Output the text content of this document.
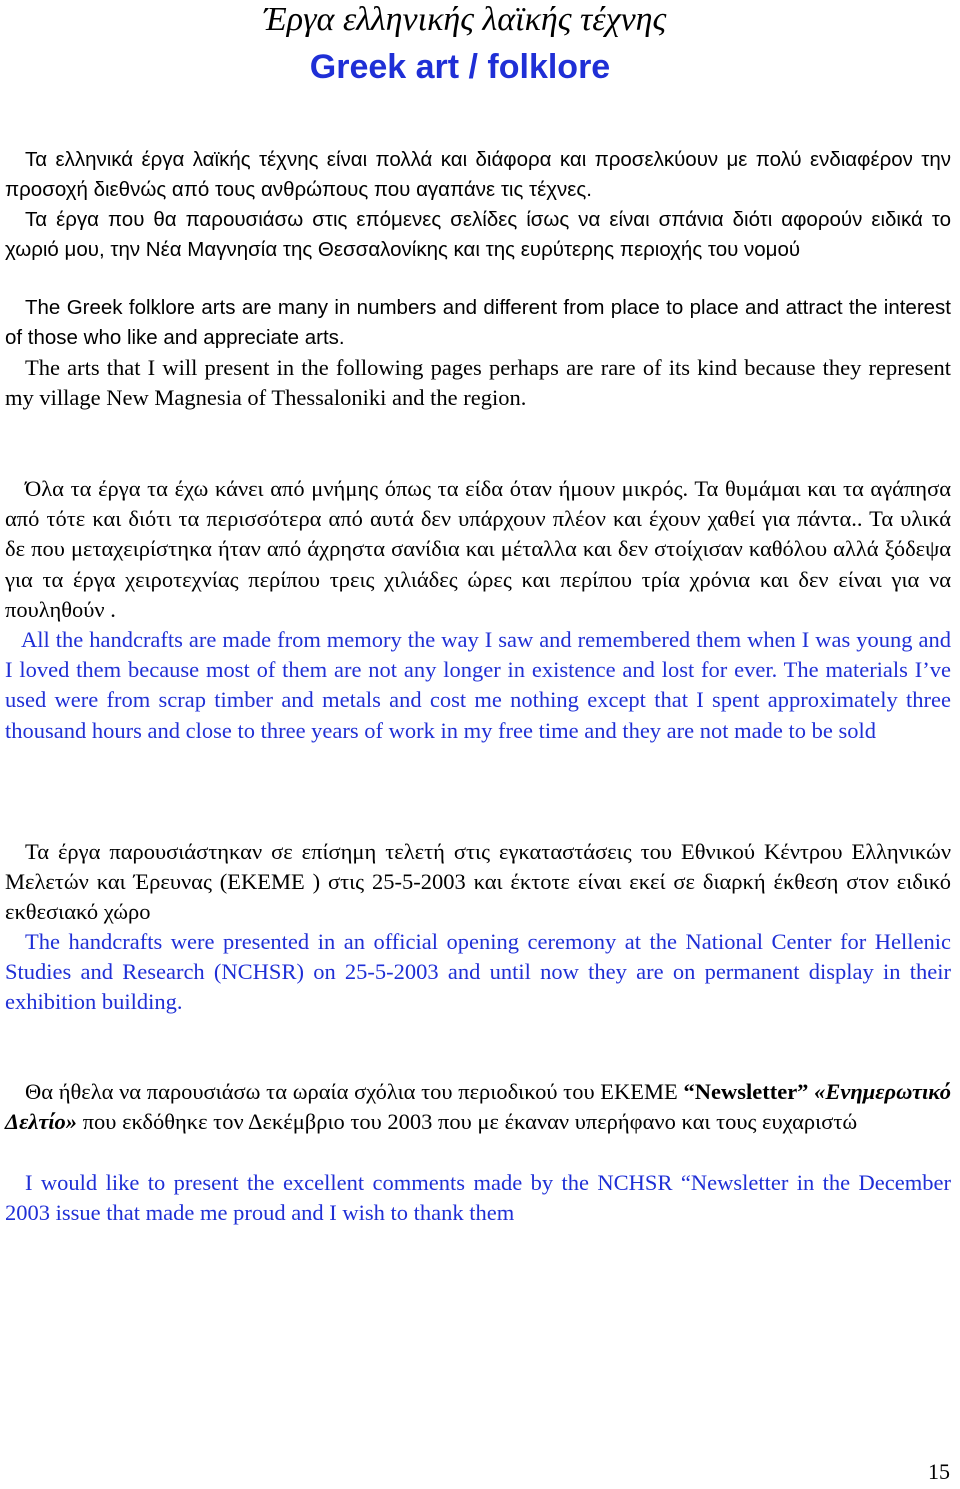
Έργα ελληνικής λαϊκής τέχνης
Greek art / folklore

Τα ελληνικά έργα λαϊκής τέχνης είναι πολλά και διάφορα και προσελκύουν με πολύ ενδιαφέρον την προσοχή διεθνώς από τους ανθρώπους που αγαπάνε τις τέχνες.

Τα έργα που θα παρουσιάσω στις επόμενες σελίδες ίσως να είναι σπάνια διότι αφορούν ειδικά το χωριό μου, την Νέα Μαγνησία της Θεσσαλονίκης και της ευρύτερης περιοχής του νομού

The Greek folklore arts are many in numbers and different from place to place and attract the interest of those who like and appreciate arts.

The arts that I will present in the following pages perhaps are rare of its kind because they represent my village New Magnesia of Thessaloniki and the region.

Όλα τα έργα τα έχω κάνει από μνήμης όπως τα είδα όταν ήμουν μικρός. Τα θυμάμαι και τα αγάπησα από τότε και διότι τα περισσότερα από αυτά δεν υπάρχουν πλέον και έχουν χαθεί για πάντα.. Τα υλικά δε που μεταχειρίστηκα ήταν από άχρηστα σανίδια και μέταλλα και δεν στοίχισαν καθόλου αλλά ξόδεψα για τα έργα χειροτεχνίας περίπου τρεις χιλιάδες ώρες και περίπου τρία χρόνια και δεν είναι για να πουληθούν .

All the handcrafts are made from memory the way I saw and remembered them when I was young and I loved them because most of them are not any longer in existence and lost for ever. The materials I’ve used were from scrap timber and metals and cost me nothing except that I spent approximately three thousand hours and close to three years of work in my free time and they are not made to be sold

Τα έργα παρουσιάστηκαν σε επίσημη τελετή στις εγκαταστάσεις του Εθνικού Κέντρου Ελληνικών Μελετών και Έρευνας (ΕΚΕΜΕ ) στις 25-5-2003 και έκτοτε είναι εκεί σε διαρκή έκθεση στον ειδικό εκθεσιακό χώρο

The handcrafts were presented in an official opening ceremony at the National Center for Hellenic Studies and Research (NCHSR) on 25-5-2003 and until now they are on permanent display in their exhibition building.

Θα ήθελα να παρουσιάσω τα ωραία σχόλια του περιοδικού του ΕΚΕΜΕ “Newsletter” «Ενημερωτικό Δελτίο» που εκδόθηκε τον Δεκέμβριο του 2003 που με έκαναν υπερήφανο και τους ευχαριστώ

I would like to present the excellent comments made by the NCHSR “Newsletter in the December 2003 issue that made me proud and I wish to thank them

15
